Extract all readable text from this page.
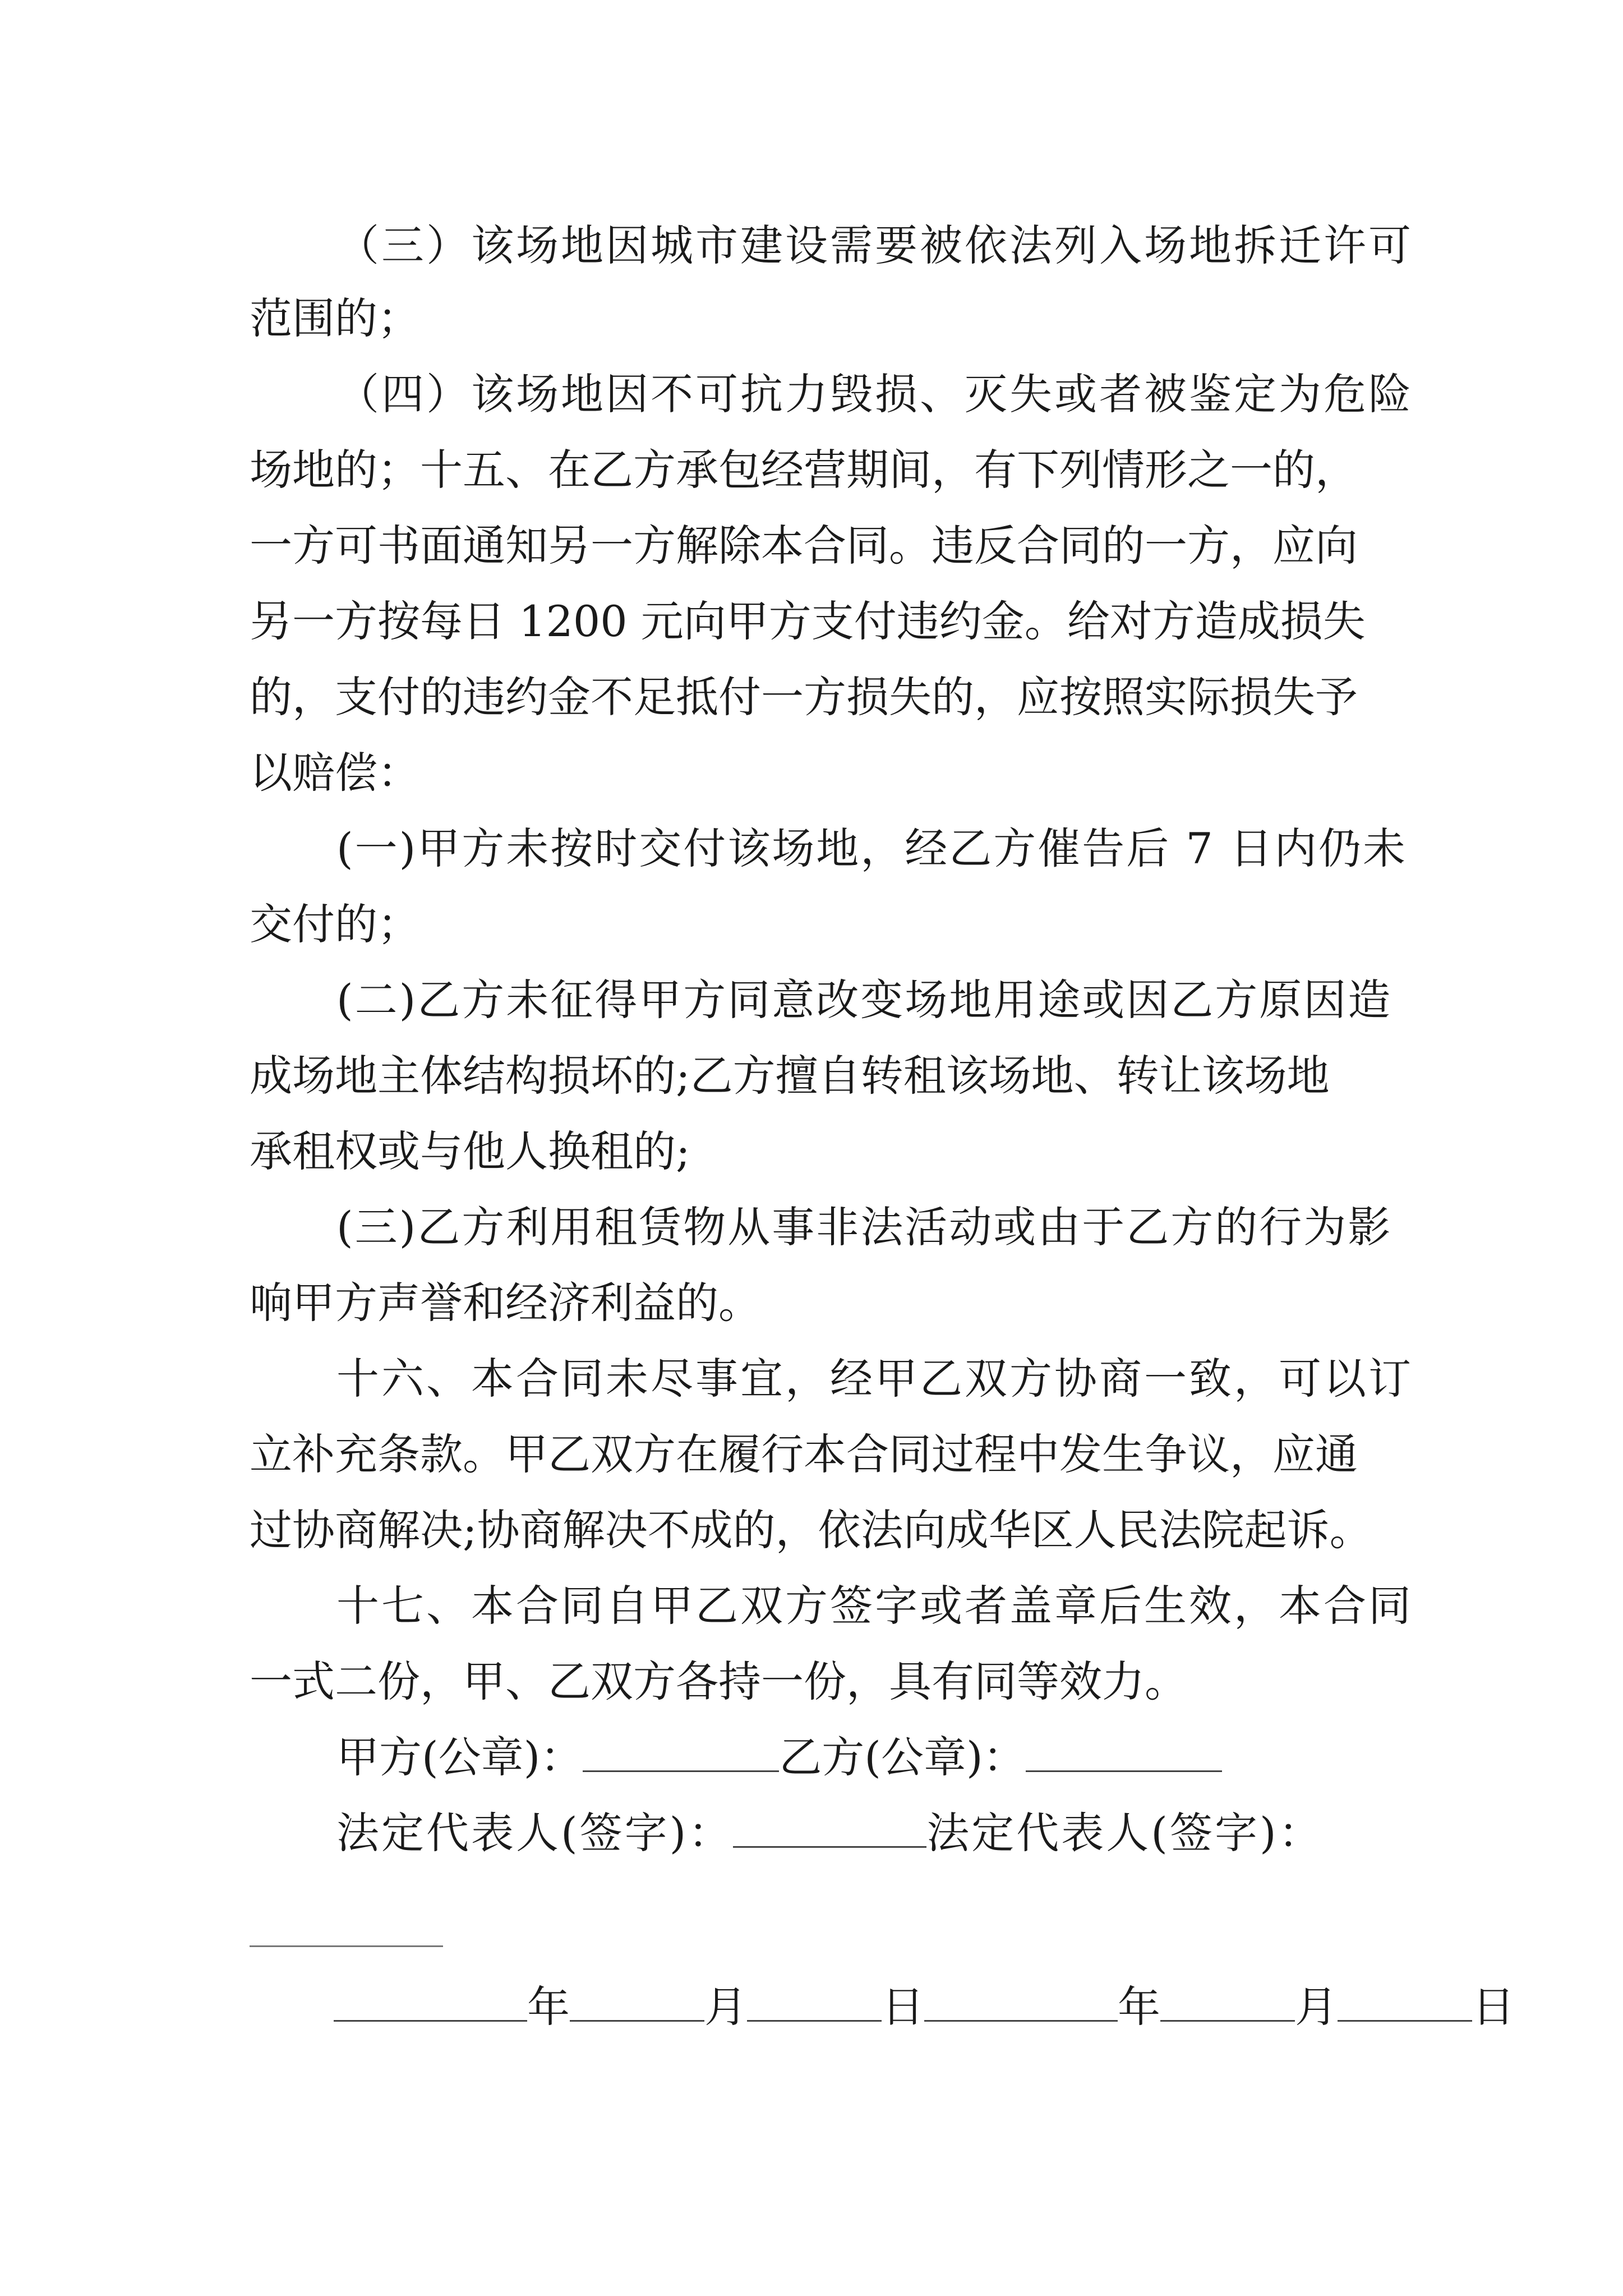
（三）该场地因城市建设需要被依法列入场地拆迁许可
范围的；
（四）该场地因不可抗力毁损、灭失或者被鉴定为危险
场地的；十五、在乙方承包经营期间，有下列情形之一的，
一方可书面通知另一方解除本合同。违反合同的一方，应向
另一方按每日 1200 元向甲方支付违约金。给对方造成损失
的，支付的违约金不足抵付一方损失的，应按照实际损失予
以赔偿：
(一)甲方未按时交付该场地，经乙方催告后 7 日内仍未
交付的；
(二)乙方未征得甲方同意改变场地用途或因乙方原因造
成场地主体结构损坏的;乙方擅自转租该场地、转让该场地
承租权或与他人换租的;
(三)乙方利用租赁物从事非法活动或由于乙方的行为影
响甲方声誉和经济利益的。
十六、本合同未尽事宜，经甲乙双方协商一致，可以订
立补充条款。甲乙双方在履行本合同过程中发生争议，应通
过协商解决;协商解决不成的，依法向成华区人民法院起诉。
十七、本合同自甲乙双方签字或者盖章后生效，本合同
一式二份，甲、乙双方各持一份，具有同等效力。
甲方(公章)：	乙方(公章)：
法定代表人(签字)：	法定代表人(签字)：
年	月	日	年	月	日
